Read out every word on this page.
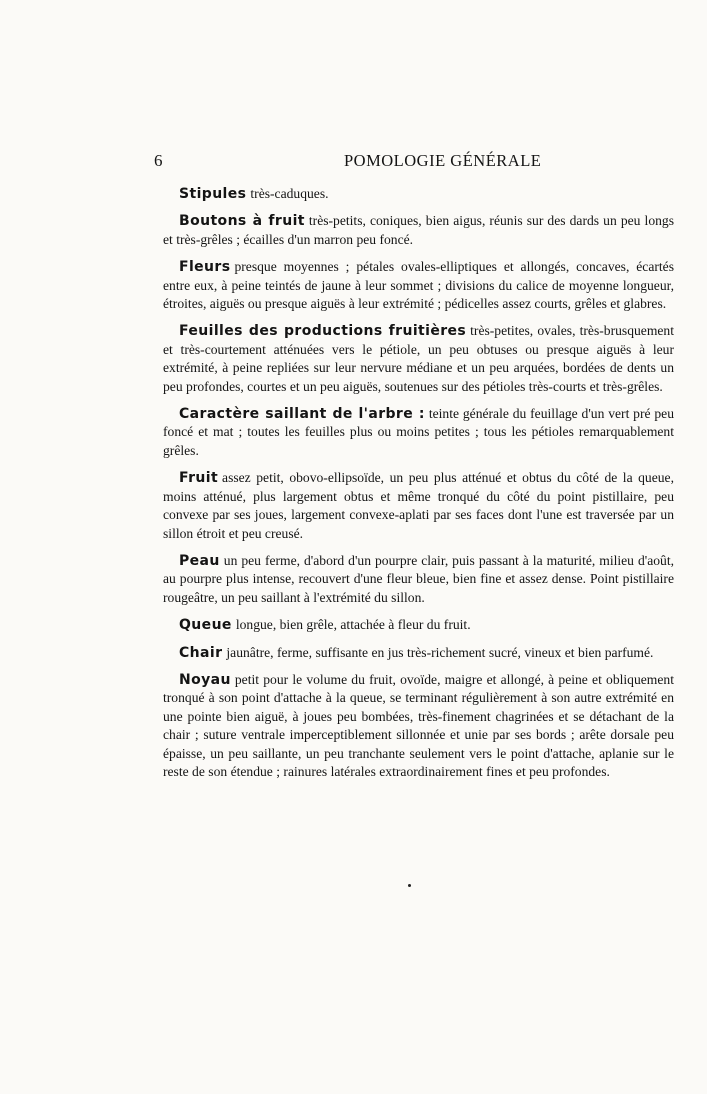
6	POMOLOGIE GÉNÉRALE

Stipules très-caduques.

Boutons à fruit très-petits, coniques, bien aigus, réunis sur des dards un peu longs et très-grêles ; écailles d'un marron peu foncé.

Fleurs presque moyennes ; pétales ovales-elliptiques et allongés, concaves, écartés entre eux, à peine teintés de jaune à leur sommet ; divisions du calice de moyenne longueur, étroites, aiguës ou presque aiguës à leur extrémité ; pédicelles assez courts, grêles et glabres.

Feuilles des productions fruitières très-petites, ovales, très-brusquement et très-courtement atténuées vers le pétiole, un peu obtuses ou presque aiguës à leur extrémité, à peine repliées sur leur nervure médiane et un peu arquées, bordées de dents un peu profondes, courtes et un peu aiguës, soutenues sur des pétioles très-courts et très-grêles.

Caractère saillant de l'arbre : teinte générale du feuillage d'un vert pré peu foncé et mat ; toutes les feuilles plus ou moins petites ; tous les pétioles remarquablement grêles.

Fruit assez petit, obovo-ellipsoïde, un peu plus atténué et obtus du côté de la queue, moins atténué, plus largement obtus et même tronqué du côté du point pistillaire, peu convexe par ses joues, largement convexe-aplati par ses faces dont l'une est traversée par un sillon étroit et peu creusé.

Peau un peu ferme, d'abord d'un pourpre clair, puis passant à la maturité, milieu d'août, au pourpre plus intense, recouvert d'une fleur bleue, bien fine et assez dense. Point pistillaire rougeâtre, un peu saillant à l'extrémité du sillon.

Queue longue, bien grêle, attachée à fleur du fruit.

Chair jaunâtre, ferme, suffisante en jus très-richement sucré, vineux et bien parfumé.

Noyau petit pour le volume du fruit, ovoïde, maigre et allongé, à peine et obliquement tronqué à son point d'attache à la queue, se terminant régulièrement à son autre extrémité en une pointe bien aiguë, à joues peu bombées, très-finement chagrinées et se détachant de la chair ; suture ventrale imperceptiblement sillonnée et unie par ses bords ; arête dorsale peu épaisse, un peu saillante, un peu tranchante seulement vers le point d'attache, aplanie sur le reste de son étendue ; rainures latérales extraordinairement fines et peu profondes.
